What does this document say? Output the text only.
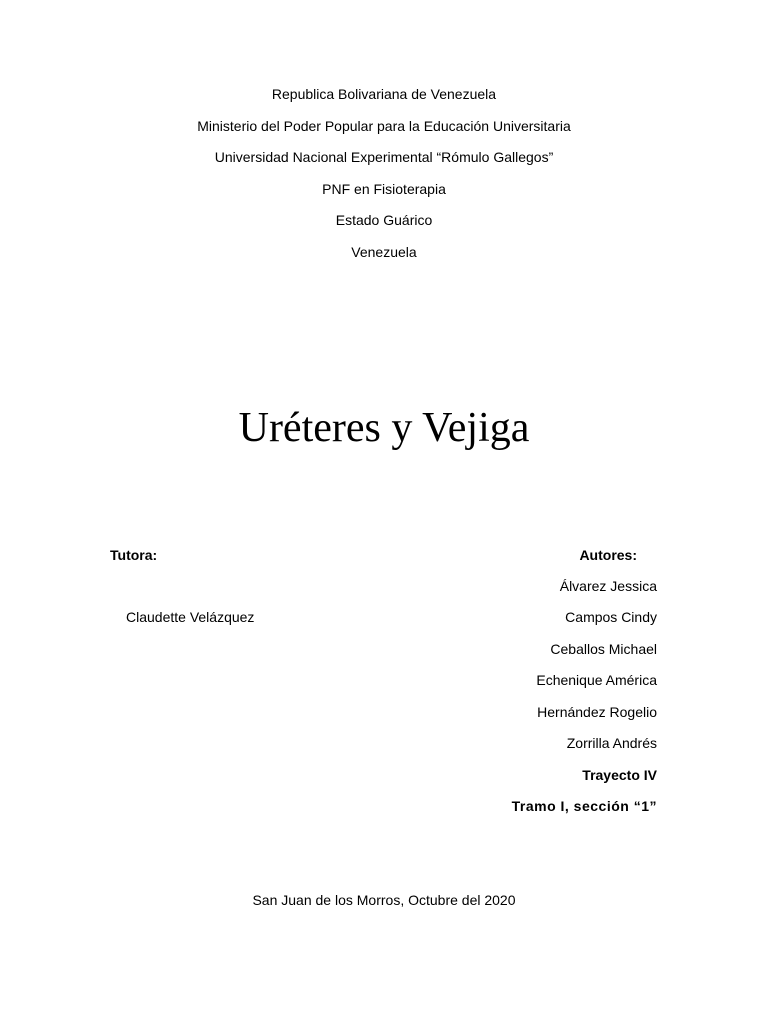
Republica Bolivariana de Venezuela
Ministerio del Poder Popular para la Educación Universitaria
Universidad Nacional Experimental “Rómulo Gallegos”
PNF en Fisioterapia
Estado Guárico
Venezuela
Uréteres y Vejiga
Tutora:
Claudette Velázquez
Autores:
Álvarez Jessica
Campos Cindy
Ceballos Michael
Echenique América
Hernández Rogelio
Zorrilla Andrés
Trayecto IV
Tramo I, sección “1”
San Juan de los Morros, Octubre del 2020
